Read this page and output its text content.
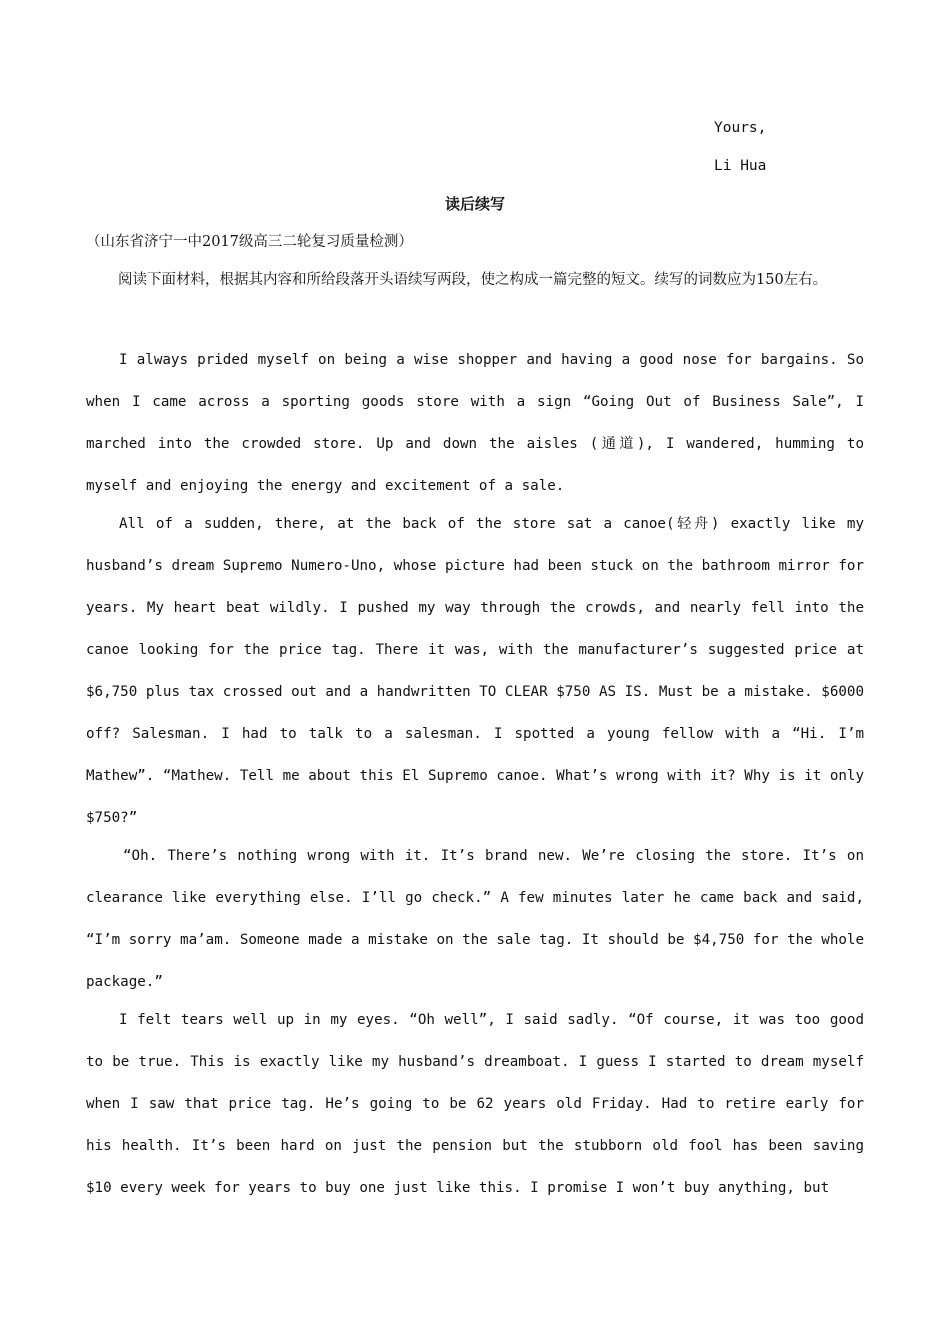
Yours,
Li Hua
读后续写
（山东省济宁一中2017级高三二轮复习质量检测）

阅读下面材料，根据其内容和所给段落开头语续写两段，使之构成一篇完整的短文。续写的词数应为150左右。

I always prided myself on being a wise shopper and having a good nose for bargains. So when I came across a sporting goods store with a sign “Going Out of Business Sale”, I marched into the crowded store. Up and down the aisles (通道), I wandered, humming to myself and enjoying the energy and excitement of a sale.

All of a sudden, there, at the back of the store sat a canoe(轻舟) exactly like my husband’s dream Supremo Numero-Uno, whose picture had been stuck on the bathroom mirror for years. My heart beat wildly. I pushed my way through the crowds, and nearly fell into the canoe looking for the price tag. There it was, with the manufacturer’s suggested price at $6,750 plus tax crossed out and a handwritten TO CLEAR $750 AS IS. Must be a mistake. $6000 off? Salesman. I had to talk to a salesman. I spotted a young fellow with a “Hi. I’m Mathew”. “Mathew. Tell me about this El Supremo canoe. What’s wrong with it? Why is it only $750?”

“Oh. There’s nothing wrong with it. It’s brand new. We’re closing the store. It’s on clearance like everything else. I’ll go check.” A few minutes later he came back and said, “I’m sorry ma’am. Someone made a mistake on the sale tag. It should be $4,750 for the whole package.”

I felt tears well up in my eyes. “Oh well”, I said sadly. “Of course, it was too good to be true. This is exactly like my husband’s dreamboat. I guess I started to dream myself when I saw that price tag. He’s going to be 62 years old Friday. Had to retire early for his health. It’s been hard on just the pension but the stubborn old fool has been saving $10 every week for years to buy one just like this. I promise I won’t buy anything, but
